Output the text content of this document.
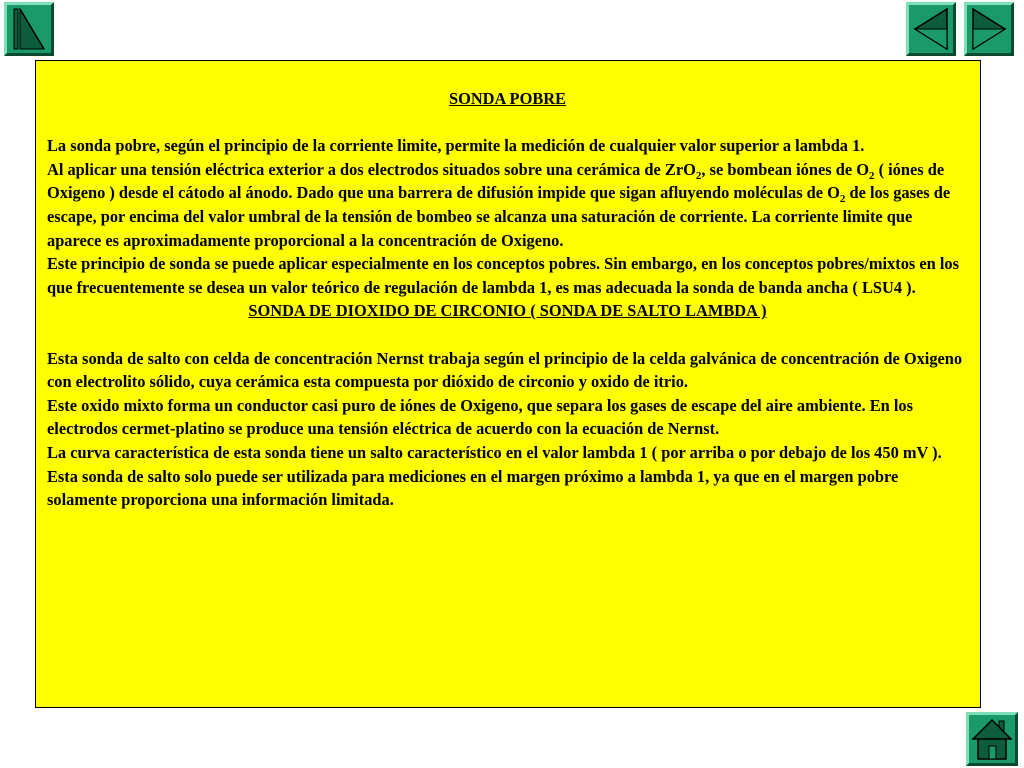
SONDA POBRE

La sonda pobre, según el principio de la corriente limite, permite la medición de cualquier valor superior a lambda 1.

Al aplicar una tensión eléctrica exterior a dos electrodos situados sobre una cerámica de ZrO$_2$, se bombean iónes de $O_2$ ( iónes de Oxigeno ) desde el cátodo al ánodo. Dado que una barrera de difusión impide que sigan afluyendo moléculas de $O_2$ de los gases de escape, por encima del valor umbral de la tensión de bombeo se alcanza una saturación de corriente. La corriente limite que aparece es aproximadamente proporcional a la concentración de Oxigeno.

Este principio de sonda se puede aplicar especialmente en los conceptos pobres. Sin embargo, en los conceptos pobres/mixtos en los que frecuentemente se desea un valor teórico de regulación de lambda 1, es mas adecuada la sonda de banda ancha ( LSU4 ).

SONDA DE DIOXIDO DE CIRCONIO ( SONDA DE SALTO LAMBDA )

Esta sonda de salto con celda de concentración Nernst trabaja según el principio de la celda galvánica de concentración de Oxigeno con electrolito sólido, cuya cerámica esta compuesta por dióxido de circonio y oxido de itrio.

Este oxido mixto forma un conductor casi puro de iónes de Oxigeno, que separa los gases de escape del aire ambiente. En los electrodos cermet-platino se produce una tensión eléctrica de acuerdo con la ecuación de Nernst.

La curva característica de esta sonda tiene un salto característico en el valor lambda 1 ( por arriba o por debajo de los 450 mV ).

Esta sonda de salto solo puede ser utilizada para mediciones en el margen próximo a lambda 1, ya que en el margen pobre solamente proporciona una información limitada.
